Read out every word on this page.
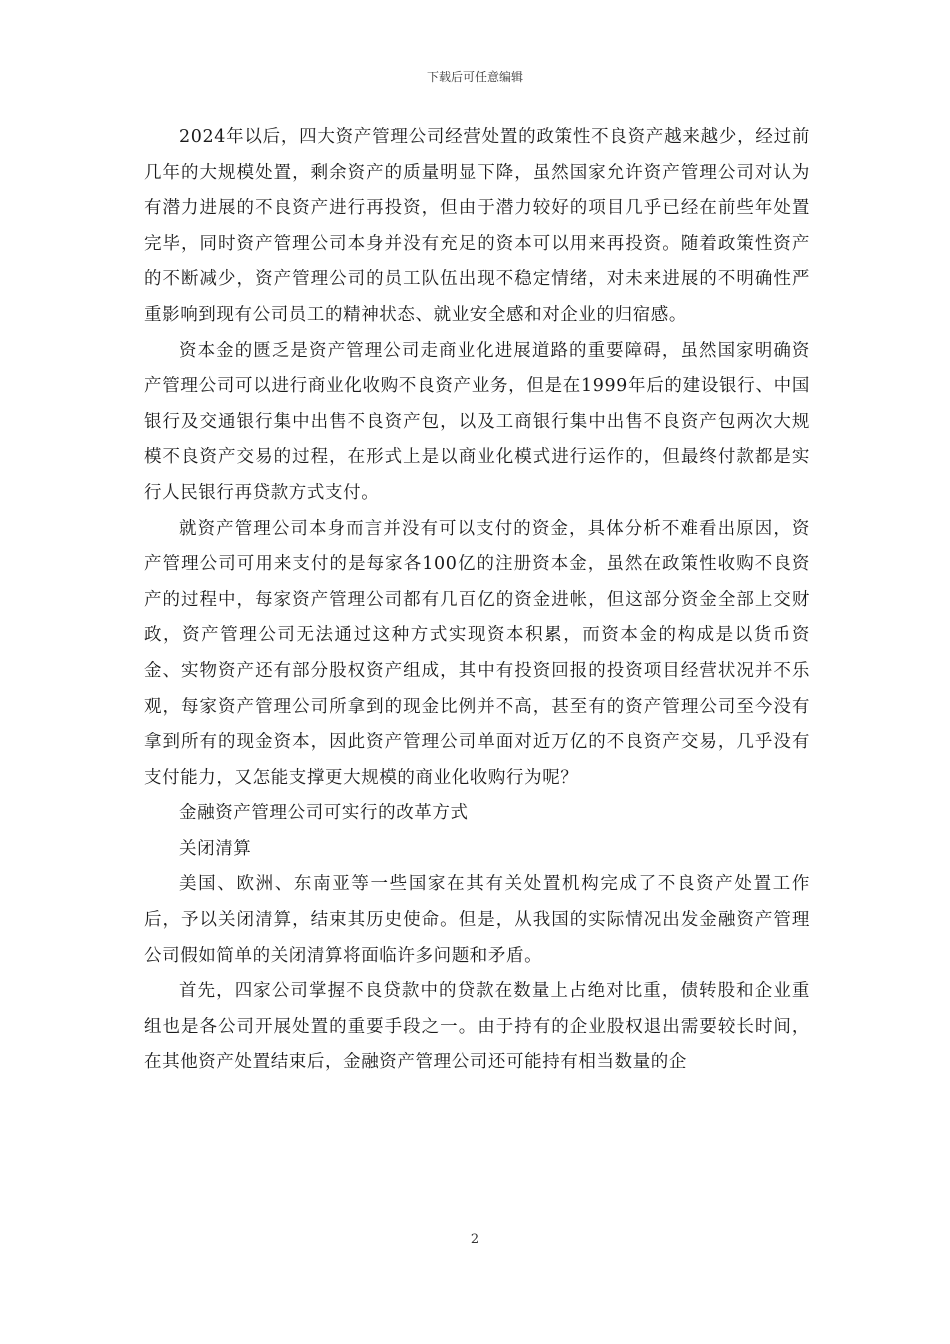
下载后可任意编辑

2024年以后，四大资产管理公司经营处置的政策性不良资产越来越少，经过前几年的大规模处置，剩余资产的质量明显下降，虽然国家允许资产管理公司对认为有潜力进展的不良资产进行再投资，但由于潜力较好的项目几乎已经在前些年处置完毕，同时资产管理公司本身并没有充足的资本可以用来再投资。随着政策性资产的不断减少，资产管理公司的员工队伍出现不稳定情绪，对未来进展的不明确性严重影响到现有公司员工的精神状态、就业安全感和对企业的归宿感。

资本金的匮乏是资产管理公司走商业化进展道路的重要障碍，虽然国家明确资产管理公司可以进行商业化收购不良资产业务，但是在1999年后的建设银行、中国银行及交通银行集中出售不良资产包，以及工商银行集中出售不良资产包两次大规模不良资产交易的过程，在形式上是以商业化模式进行运作的，但最终付款都是实行人民银行再贷款方式支付。

就资产管理公司本身而言并没有可以支付的资金，具体分析不难看出原因，资产管理公司可用来支付的是每家各100亿的注册资本金，虽然在政策性收购不良资产的过程中，每家资产管理公司都有几百亿的资金进帐，但这部分资金全部上交财政，资产管理公司无法通过这种方式实现资本积累，而资本金的构成是以货币资金、实物资产还有部分股权资产组成，其中有投资回报的投资项目经营状况并不乐观，每家资产管理公司所拿到的现金比例并不高，甚至有的资产管理公司至今没有拿到所有的现金资本，因此资产管理公司单面对近万亿的不良资产交易，几乎没有支付能力，又怎能支撑更大规模的商业化收购行为呢？

金融资产管理公司可实行的改革方式

关闭清算

美国、欧洲、东南亚等一些国家在其有关处置机构完成了不良资产处置工作后，予以关闭清算，结束其历史使命。但是，从我国的实际情况出发金融资产管理公司假如简单的关闭清算将面临许多问题和矛盾。

首先，四家公司掌握不良贷款中的贷款在数量上占绝对比重，债转股和企业重组也是各公司开展处置的重要手段之一。由于持有的企业股权退出需要较长时间，在其他资产处置结束后，金融资产管理公司还可能持有相当数量的企

2
